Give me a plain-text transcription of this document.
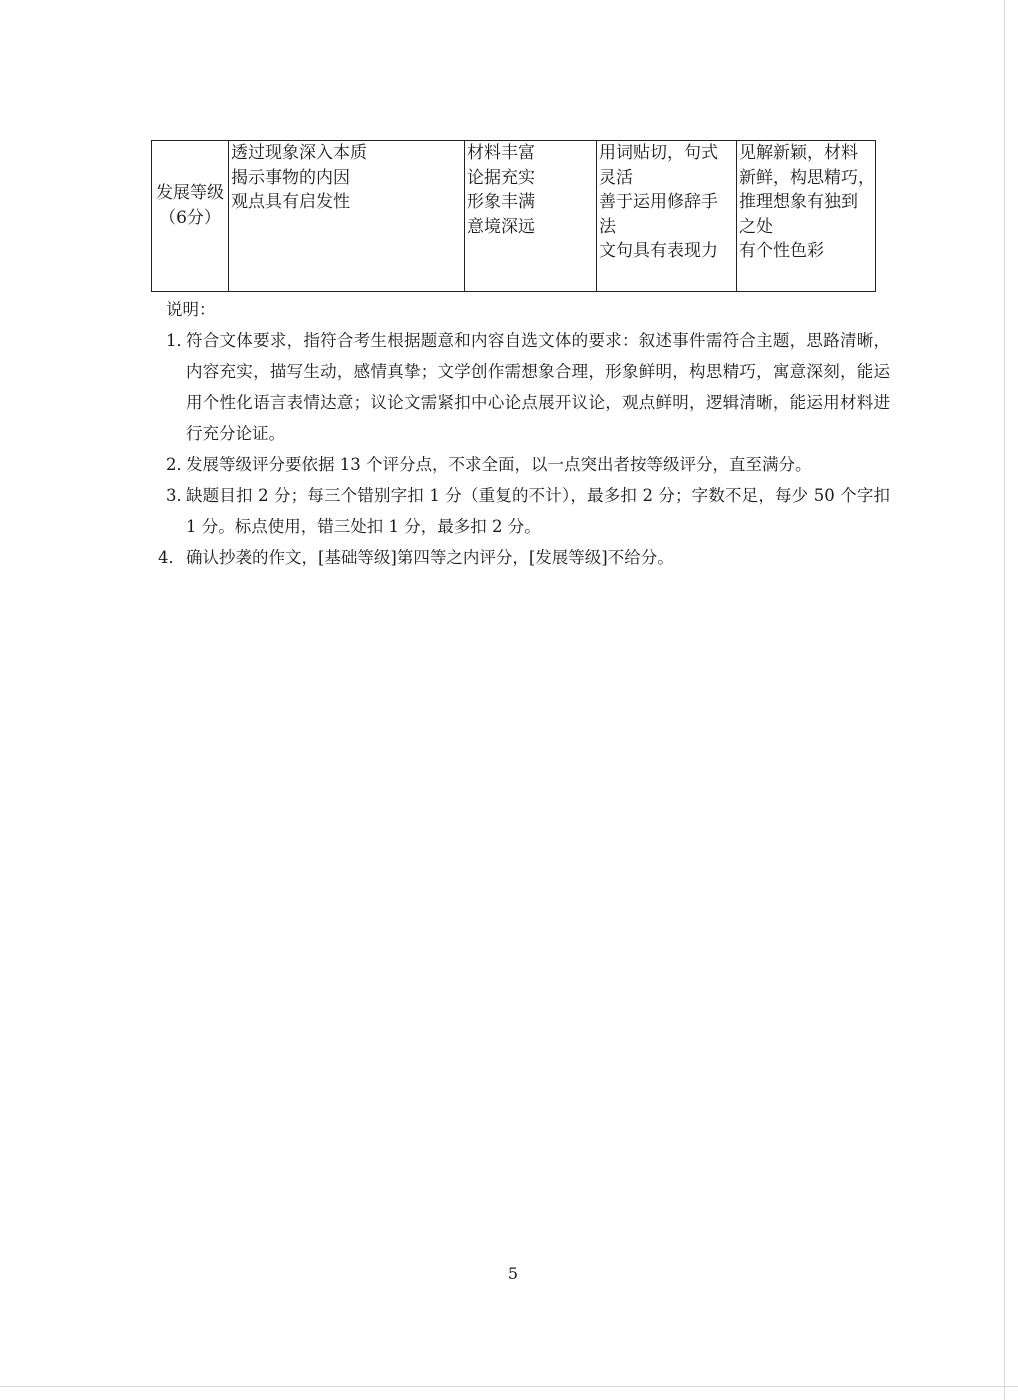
发展等级
（6分）

透过现象深入本质
揭示事物的内因
观点具有启发性

材料丰富
论据充实
形象丰满
意境深远

用词贴切，句式
灵活
善于运用修辞手
法
文句具有表现力

见解新颖，材料
新鲜，构思精巧，
推理想象有独到
之处
有个性色彩
说明：
1．
符合文体要求，指符合考生根据题意和内容自选文体的要求：叙述事件需符合主题，思路清晰，内容充实，描写生动，感情真挚；文学创作需想象合理，形象鲜明，构思精巧，寓意深刻，能运用个性化语言表情达意；议论文需紧扣中心论点展开议论，观点鲜明，逻辑清晰，能运用材料进行充分论证。
2．
发展等级评分要依据 13 个评分点，不求全面，以一点突出者按等级评分，直至满分。
3．
缺题目扣 2 分；每三个错别字扣 1 分（重复的不计），最多扣 2 分；字数不足，每少 50 个字扣 1 分。标点使用，错三处扣 1 分，最多扣 2 分。
4． 确认抄袭的作文，[基础等级]第四等之内评分，[发展等级]不给分。
5
